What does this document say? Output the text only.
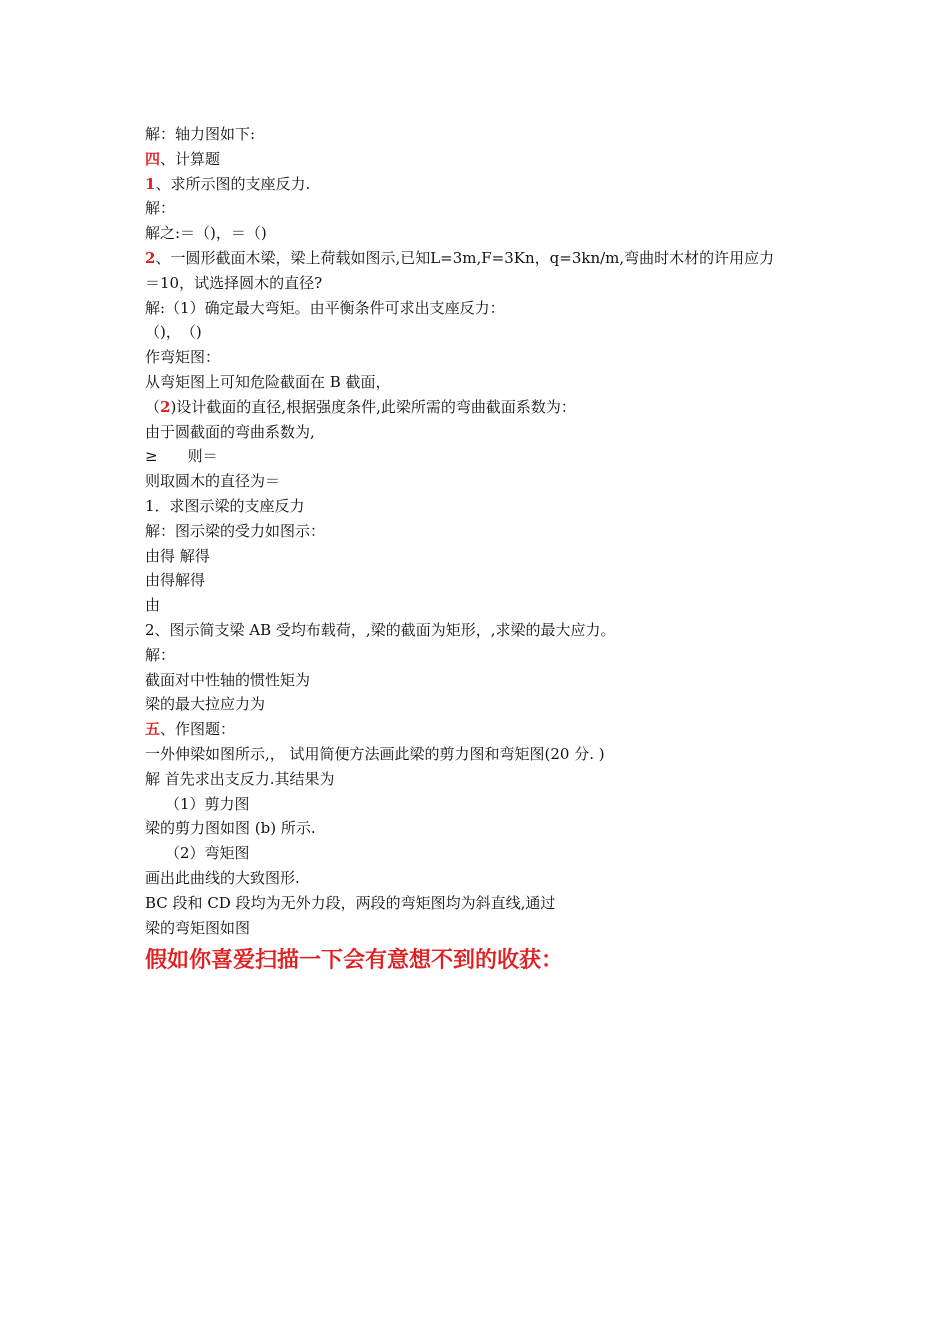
解：轴力图如下:
四、计算题
1、求所示图的支座反力.
解：
解之:＝（)，＝（)
2、一圆形截面木梁，梁上荷载如图示,已知L=3m,F=3Kn，q=3kn/m,弯曲时木材的许用应力
＝10，试选择圆木的直径?
解:（1）确定最大弯矩。由平衡条件可求出支座反力：
（)，　（)
作弯矩图：
从弯矩图上可知危险截面在 B 截面，
（2)设计截面的直径,根据强度条件,此梁所需的弯曲截面系数为：
由于圆截面的弯曲系数为,
≥　　则＝
则取圆木的直径为＝
1．求图示梁的支座反力
解：图示梁的受力如图示：
由得 解得
由得解得
由
2、图示简支梁 AB 受均布载荷，,梁的截面为矩形，,求梁的最大应力。
解：
截面对中性轴的惯性矩为
梁的最大拉应力为
五、作图题：
一外伸梁如图所示,， 试用简便方法画此梁的剪力图和弯矩图(20 分. )
解 首先求出支反力.其结果为
（1）剪力图
梁的剪力图如图 (b) 所示.
（2）弯矩图
画出此曲线的大致图形.
BC 段和 CD 段均为无外力段，两段的弯矩图均为斜直线,通过
梁的弯矩图如图
假如你喜爱扫描一下会有意想不到的收获：
